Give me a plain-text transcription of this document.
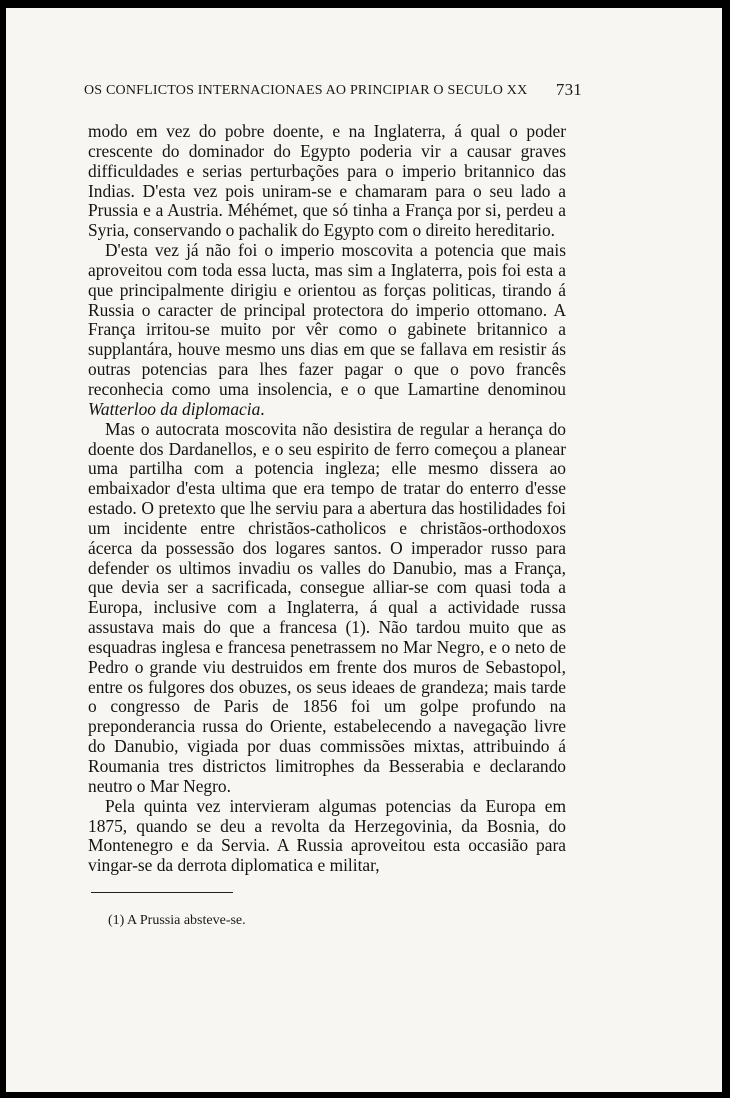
OS CONFLICTOS INTERNACIONAES AO PRINCIPIAR O SECULO XX 731

modo em vez do pobre doente, e na Inglaterra, á qual o poder crescente do dominador do Egypto poderia vir a causar graves difficuldades e serias perturbações para o imperio britannico das Indias. D'esta vez pois uniram-se e chamaram para o seu lado a Prussia e a Austria. Méhémet, que só tinha a França por si, perdeu a Syria, conservando o pachalik do Egypto com o direito hereditario.

D'esta vez já não foi o imperio moscovita a potencia que mais aproveitou com toda essa lucta, mas sim a Inglaterra, pois foi esta a que principalmente dirigiu e orientou as forças politicas, tirando á Russia o caracter de principal protectora do imperio ottomano. A França irritou-se muito por vêr como o gabinete britannico a supplantára, houve mesmo uns dias em que se fallava em resistir ás outras potencias para lhes fazer pagar o que o povo francês reconhecia como uma insolencia, e o que Lamartine denominou Watterloo da diplomacia.

Mas o autocrata moscovita não desistira de regular a herança do doente dos Dardanellos, e o seu espirito de ferro começou a planear uma partilha com a potencia ingleza; elle mesmo dissera ao embaixador d'esta ultima que era tempo de tratar do enterro d'esse estado. O pretexto que lhe serviu para a abertura das hostilidades foi um incidente entre christãos-catholicos e christãos-orthodoxos ácerca da possessão dos logares santos. O imperador russo para defender os ultimos invadiu os valles do Danubio, mas a França, que devia ser a sacrificada, consegue alliar-se com quasi toda a Europa, inclusive com a Inglaterra, á qual a actividade russa assustava mais do que a francesa (1). Não tardou muito que as esquadras inglesa e francesa penetrassem no Mar Negro, e o neto de Pedro o grande viu destruidos em frente dos muros de Sebastopol, entre os fulgores dos obuzes, os seus ideaes de grandeza; mais tarde o congresso de Paris de 1856 foi um golpe profundo na preponderancia russa do Oriente, estabelecendo a navegação livre do Danubio, vigiada por duas commissões mixtas, attribuindo á Roumania tres districtos limitrophes da Besserabia e declarando neutro o Mar Negro.

Pela quinta vez intervieram algumas potencias da Europa em 1875, quando se deu a revolta da Herzegovinia, da Bosnia, do Montenegro e da Servia. A Russia aproveitou esta occasião para vingar-se da derrota diplomatica e militar,

(1) A Prussia absteve-se.
